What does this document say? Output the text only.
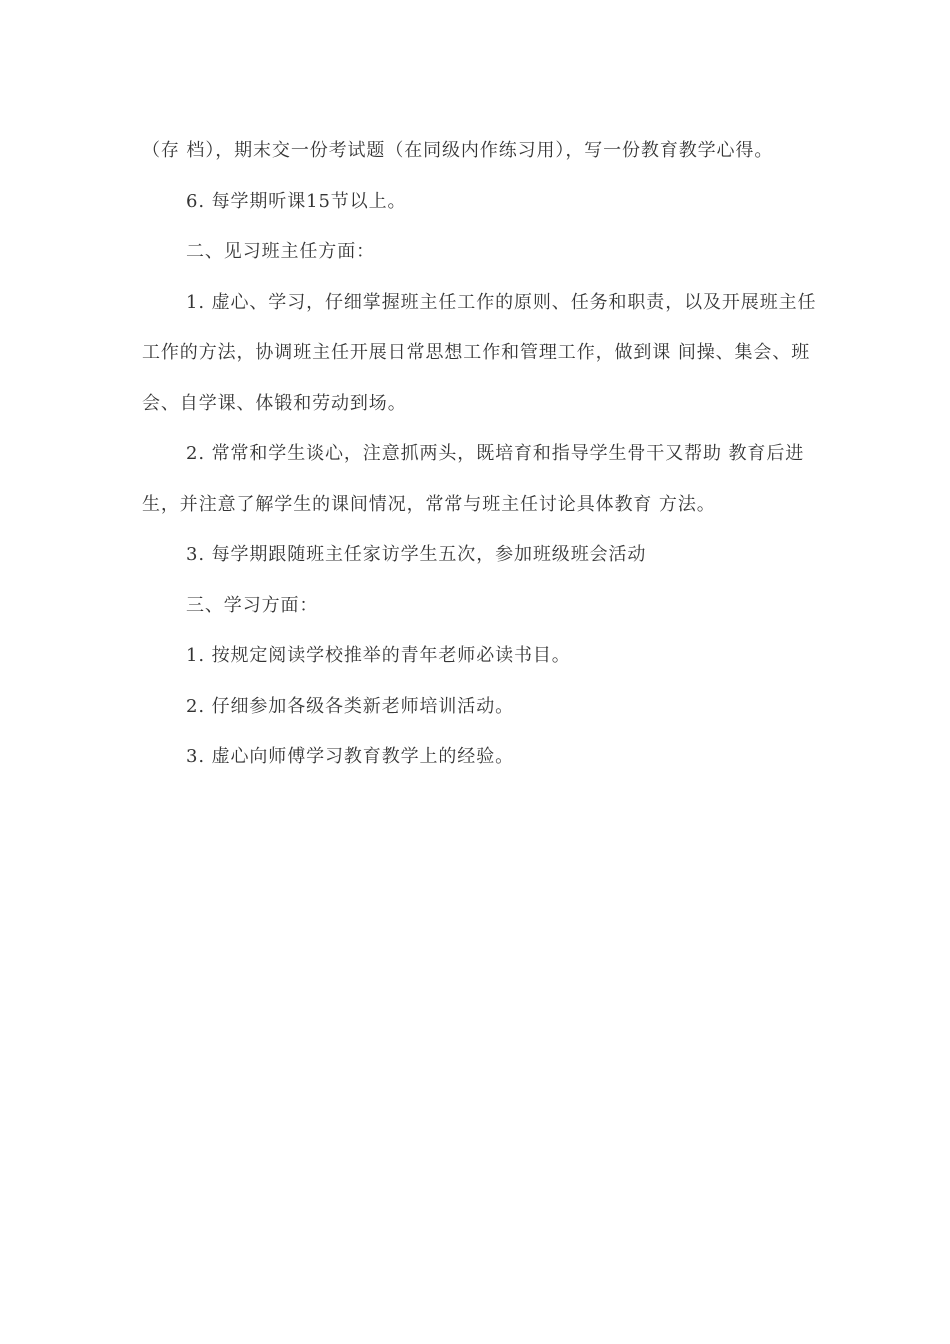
（存 档），期末交一份考试题（在同级内作练习用），写一份教育教学心得。

6. 每学期听课15节以上。

二、见习班主任方面：

1. 虚心、学习，仔细掌握班主任工作的原则、任务和职责，以及开展班主任工作的方法，协调班主任开展日常思想工作和管理工作，做到课 间操、集会、班会、自学课、体锻和劳动到场。

2. 常常和学生谈心，注意抓两头，既培育和指导学生骨干又帮助 教育后进生，并注意了解学生的课间情况，常常与班主任讨论具体教育 方法。

3. 每学期跟随班主任家访学生五次，参加班级班会活动

三、学习方面：

1. 按规定阅读学校推举的青年老师必读书目。

2. 仔细参加各级各类新老师培训活动。

3. 虚心向师傅学习教育教学上的经验。
